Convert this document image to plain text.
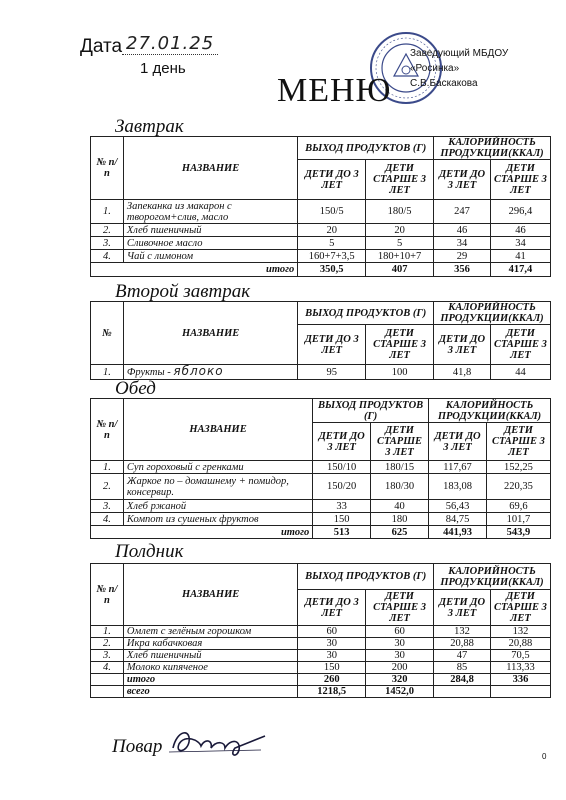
Дата 27.01.25
1 день
Заведующий МБДОУ
«Росинка»
С.В.Баскакова
МЕНЮ
Завтрак
№ п/п	НАЗВАНИЕ	ВЫХОД ПРОДУКТОВ (Г)		КАЛОРИЙНОСТЬ ПРОДУКЦИИ(ККАЛ)	
		ДЕТИ ДО 3 ЛЕТ	ДЕТИ СТАРШЕ 3 ЛЕТ	ДЕТИ ДО 3 ЛЕТ	ДЕТИ СТАРШЕ 3 ЛЕТ
1.	Запеканка из макарон с творогом+слив, масло	150/5	180/5	247	296,4
2.	Хлеб пшеничный	20	20	46	46
3.	Сливочное масло	5	5	34	34
4.	Чай с лимоном	160+7+3,5	180+10+7	29	41
итого		350,5	407	356	417,4
Второй завтрак
№	НАЗВАНИЕ	ВЫХОД ПРОДУКТОВ (Г)		КАЛОРИЙНОСТЬ ПРОДУКЦИИ(ККАЛ)	
		ДЕТИ ДО 3 ЛЕТ	ДЕТИ СТАРШЕ 3 ЛЕТ	ДЕТИ ДО 3 ЛЕТ	ДЕТИ СТАРШЕ 3 ЛЕТ
1.	Фрукты - яблоко	95	100	41,8	44
Обед
№ п/п	НАЗВАНИЕ	ВЫХОД ПРОДУКТОВ (Г)		КАЛОРИЙНОСТЬ ПРОДУКЦИИ(ККАЛ)	
		ДЕТИ ДО 3 ЛЕТ	ДЕТИ СТАРШЕ 3 ЛЕТ	ДЕТИ ДО 3 ЛЕТ	ДЕТИ СТАРШЕ 3 ЛЕТ
1.	Суп гороховый с гренками	150/10	180/15	117,67	152,25
2.	Жаркое по – домашнему + помидор, консервир.	150/20	180/30	183,08	220,35
3.	Хлеб ржаной	33	40	56,43	69,6
4.	Компот из сушеных фруктов	150	180	84,75	101,7
итого		513	625	441,93	543,9
Полдник
№ п/п	НАЗВАНИЕ	ВЫХОД ПРОДУКТОВ (Г)		КАЛОРИЙНОСТЬ ПРОДУКЦИИ(ККАЛ)	
		ДЕТИ ДО 3 ЛЕТ	ДЕТИ СТАРШЕ 3 ЛЕТ	ДЕТИ ДО 3 ЛЕТ	ДЕТИ СТАРШЕ 3 ЛЕТ
1.	Омлет с зелёным горошком	60	60	132	132
2.	Икра кабачковая	30	30	20,88	20,88
3.	Хлеб пшеничный	30	30	47	70,5
4.	Молоко кипяченое	150	200	85	113,33
	итого	260	320	284,8	336
	всего	1218,5	1452,0		
Повар	0
